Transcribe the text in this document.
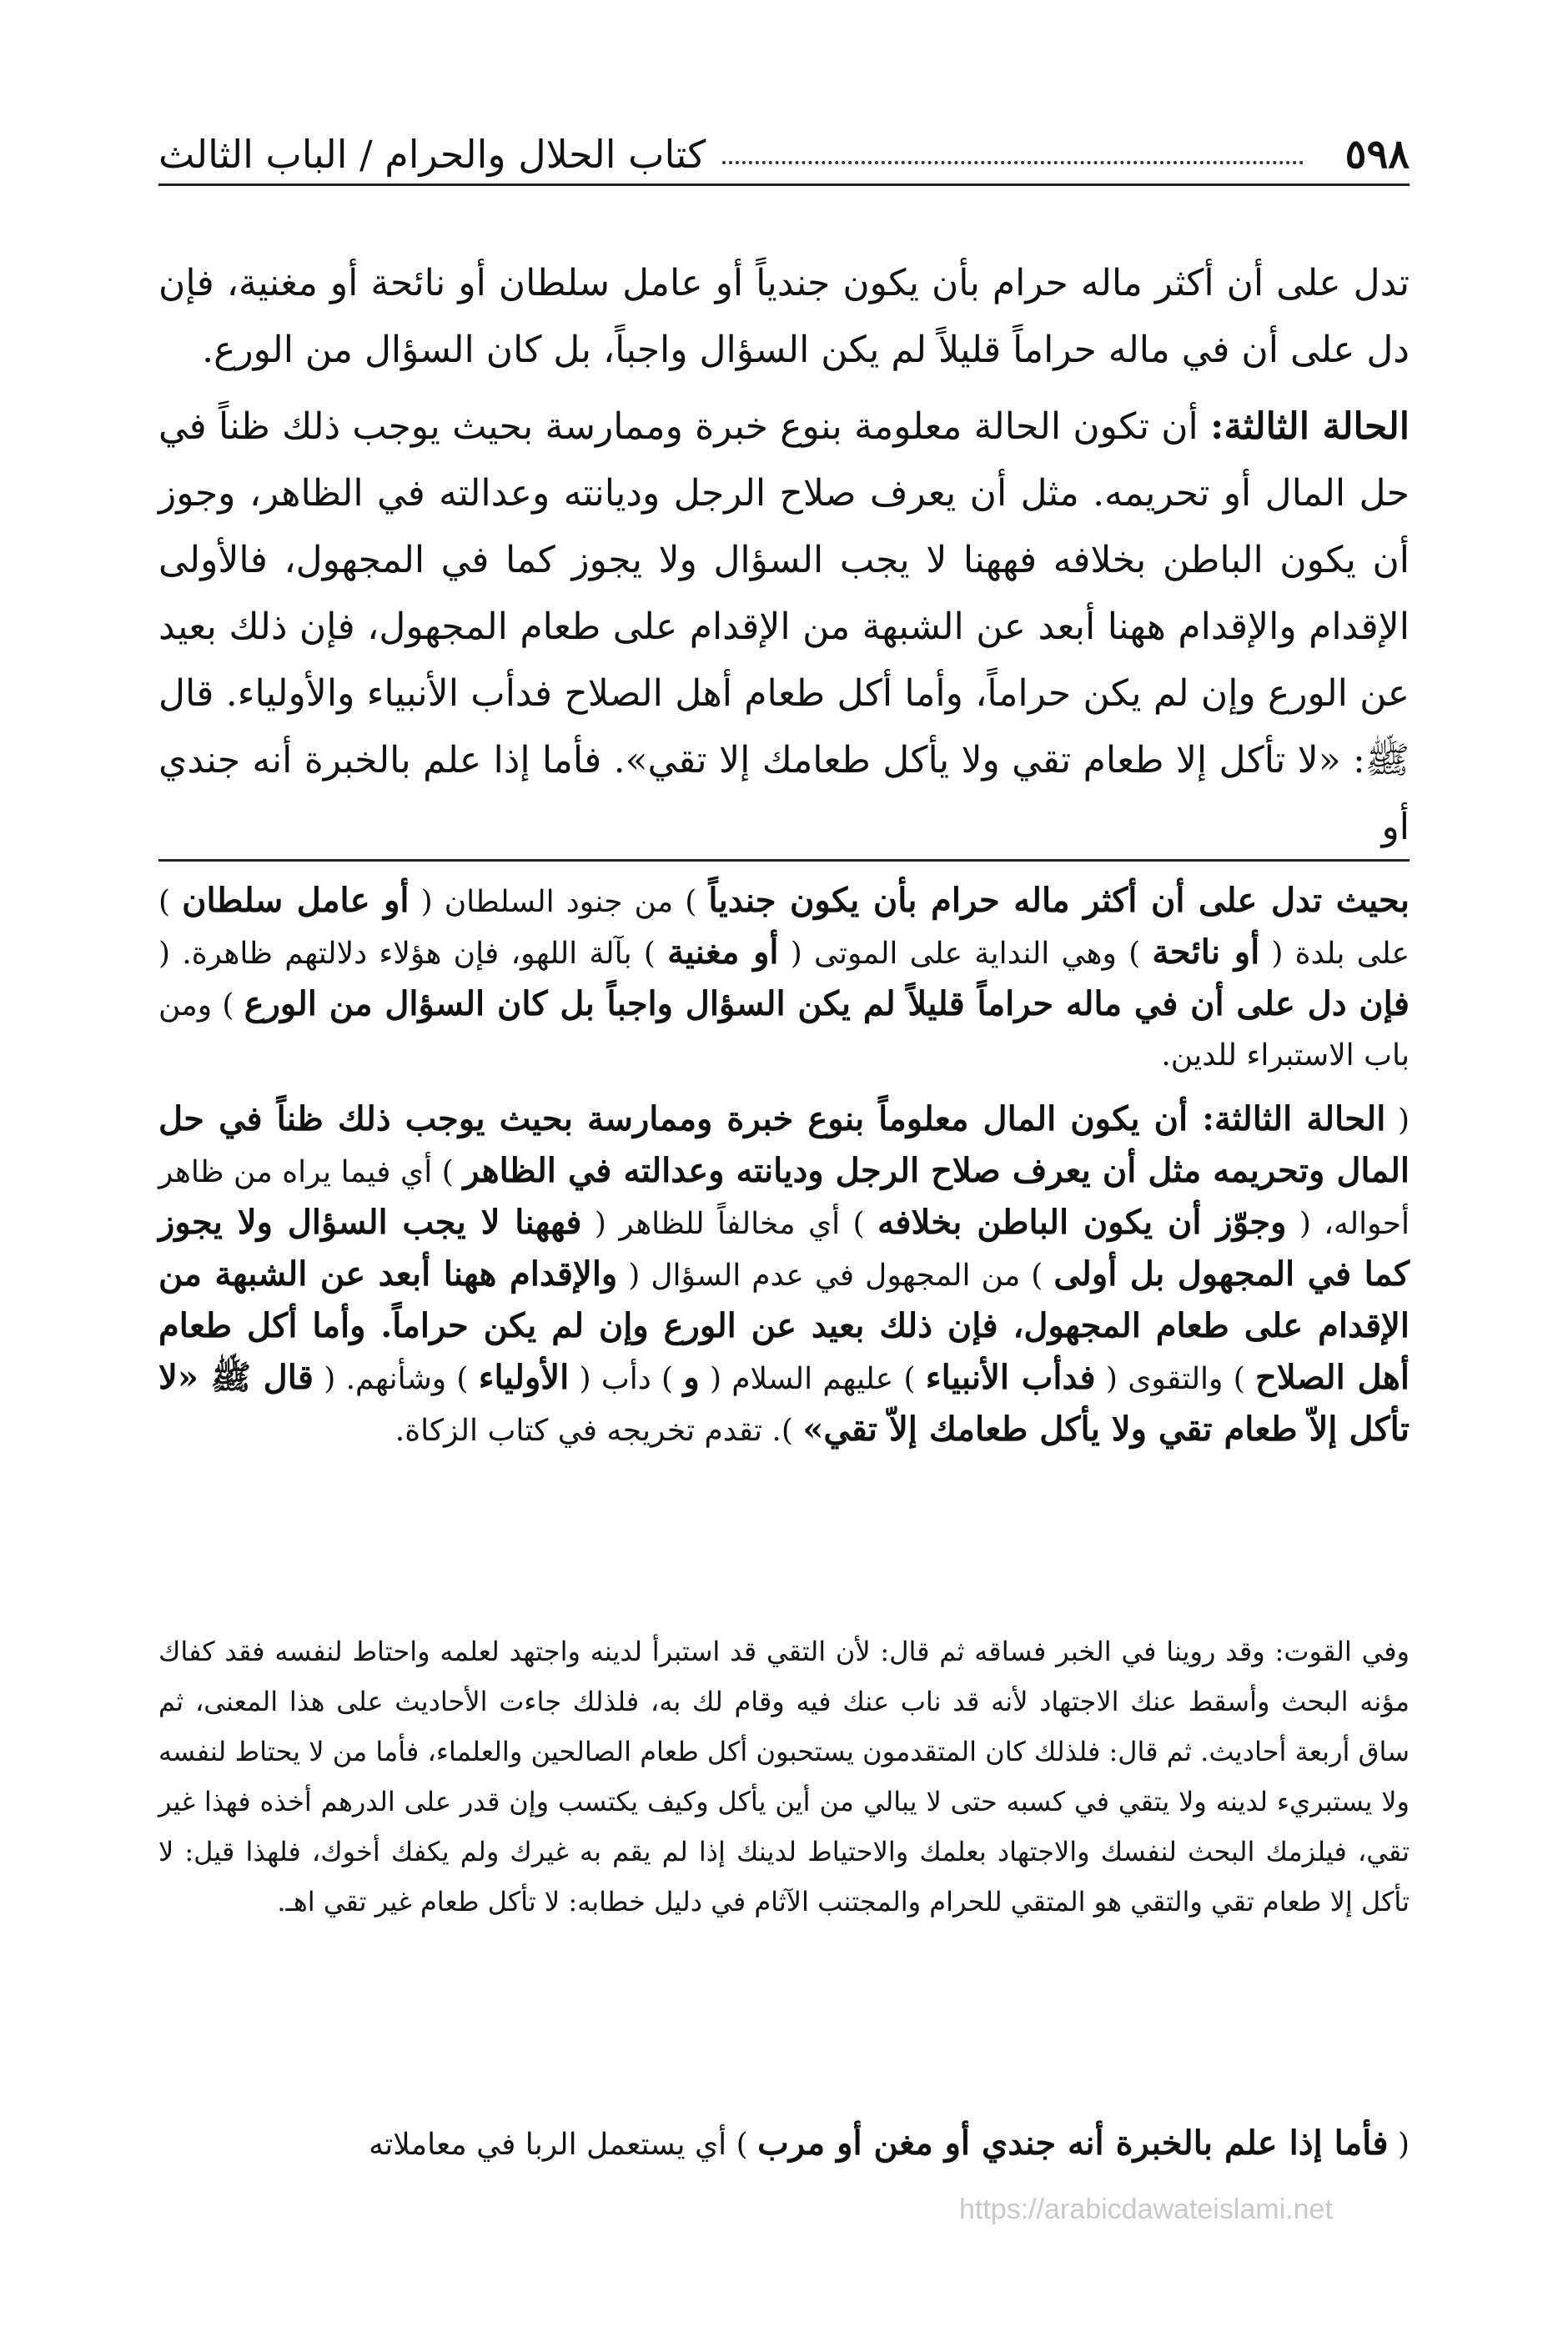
٥٩٨
كتاب الحلال والحرام / الباب الثالث

تدل على أن أكثر ماله حرام بأن يكون جندياً أو عامل سلطان أو نائحة أو مغنية، فإن دل على أن في ماله حراماً قليلاً لم يكن السؤال واجباً، بل كان السؤال من الورع.

الحالة الثالثة: أن تكون الحالة معلومة بنوع خبرة وممارسة بحيث يوجب ذلك ظناً في حل المال أو تحريمه. مثل أن يعرف صلاح الرجل وديانته وعدالته في الظاهر، وجوز أن يكون الباطن بخلافه فههنا لا يجب السؤال ولا يجوز كما في المجهول، فالأولى الإقدام والإقدام ههنا أبعد عن الشبهة من الإقدام على طعام المجهول، فإن ذلك بعيد عن الورع وإن لم يكن حراماً، وأما أكل طعام أهل الصلاح فدأب الأنبياء والأولياء. قال ﷺ: «لا تأكل إلا طعام تقي ولا يأكل طعامك إلا تقي». فأما إذا علم بالخبرة أنه جندي أو

بحيث تدل على أن أكثر ماله حرام بأن يكون جندياً ) من جنود السلطان ( أو عامل سلطان ) على بلدة ( أو نائحة ) وهي النداية على الموتى ( أو مغنية ) بآلة اللهو، فإن هؤلاء دلالتهم ظاهرة. ( فإن دل على أن في ماله حراماً قليلاً لم يكن السؤال واجباً بل كان السؤال من الورع ) ومن باب الاستبراء للدين.

( الحالة الثالثة: أن يكون المال معلوماً بنوع خبرة وممارسة بحيث يوجب ذلك ظناً في حل المال وتحريمه مثل أن يعرف صلاح الرجل وديانته وعدالته في الظاهر ) أي فيما يراه من ظاهر أحواله، ( وجوّز أن يكون الباطن بخلافه ) أي مخالفاً للظاهر ( فههنا لا يجب السؤال ولا يجوز كما في المجهول بل أولى ) من المجهول في عدم السؤال ( والإقدام ههنا أبعد عن الشبهة من الإقدام على طعام المجهول، فإن ذلك بعيد عن الورع وإن لم يكن حراماً. وأما أكل طعام أهل الصلاح ) والتقوى ( فدأب الأنبياء ) عليهم السلام ( و ) دأب ( الأولياء ) وشأنهم. ( قال ﷺ «لا تأكل إلاّ طعام تقي ولا يأكل طعامك إلاّ تقي» ). تقدم تخريجه في كتاب الزكاة.

وفي القوت: وقد روينا في الخبر فساقه ثم قال: لأن التقي قد استبرأ لدينه واجتهد لعلمه واحتاط لنفسه فقد كفاك مؤنه البحث وأسقط عنك الاجتهاد لأنه قد ناب عنك فيه وقام لك به، فلذلك جاءت الأحاديث على هذا المعنى، ثم ساق أربعة أحاديث. ثم قال: فلذلك كان المتقدمون يستحبون أكل طعام الصالحين والعلماء، فأما من لا يحتاط لنفسه ولا يستبريء لدينه ولا يتقي في كسبه حتى لا يبالي من أين يأكل وكيف يكتسب وإن قدر على الدرهم أخذه فهذا غير تقي، فيلزمك البحث لنفسك والاجتهاد بعلمك والاحتياط لدينك إذا لم يقم به غيرك ولم يكفك أخوك، فلهذا قيل: لا تأكل إلا طعام تقي والتقي هو المتقي للحرام والمجتنب الآثام في دليل خطابه: لا تأكل طعام غير تقي اهـ.

( فأما إذا علم بالخبرة أنه جندي أو مغن أو مرب ) أي يستعمل الربا في معاملاته

https://arabicdawateislami.net
